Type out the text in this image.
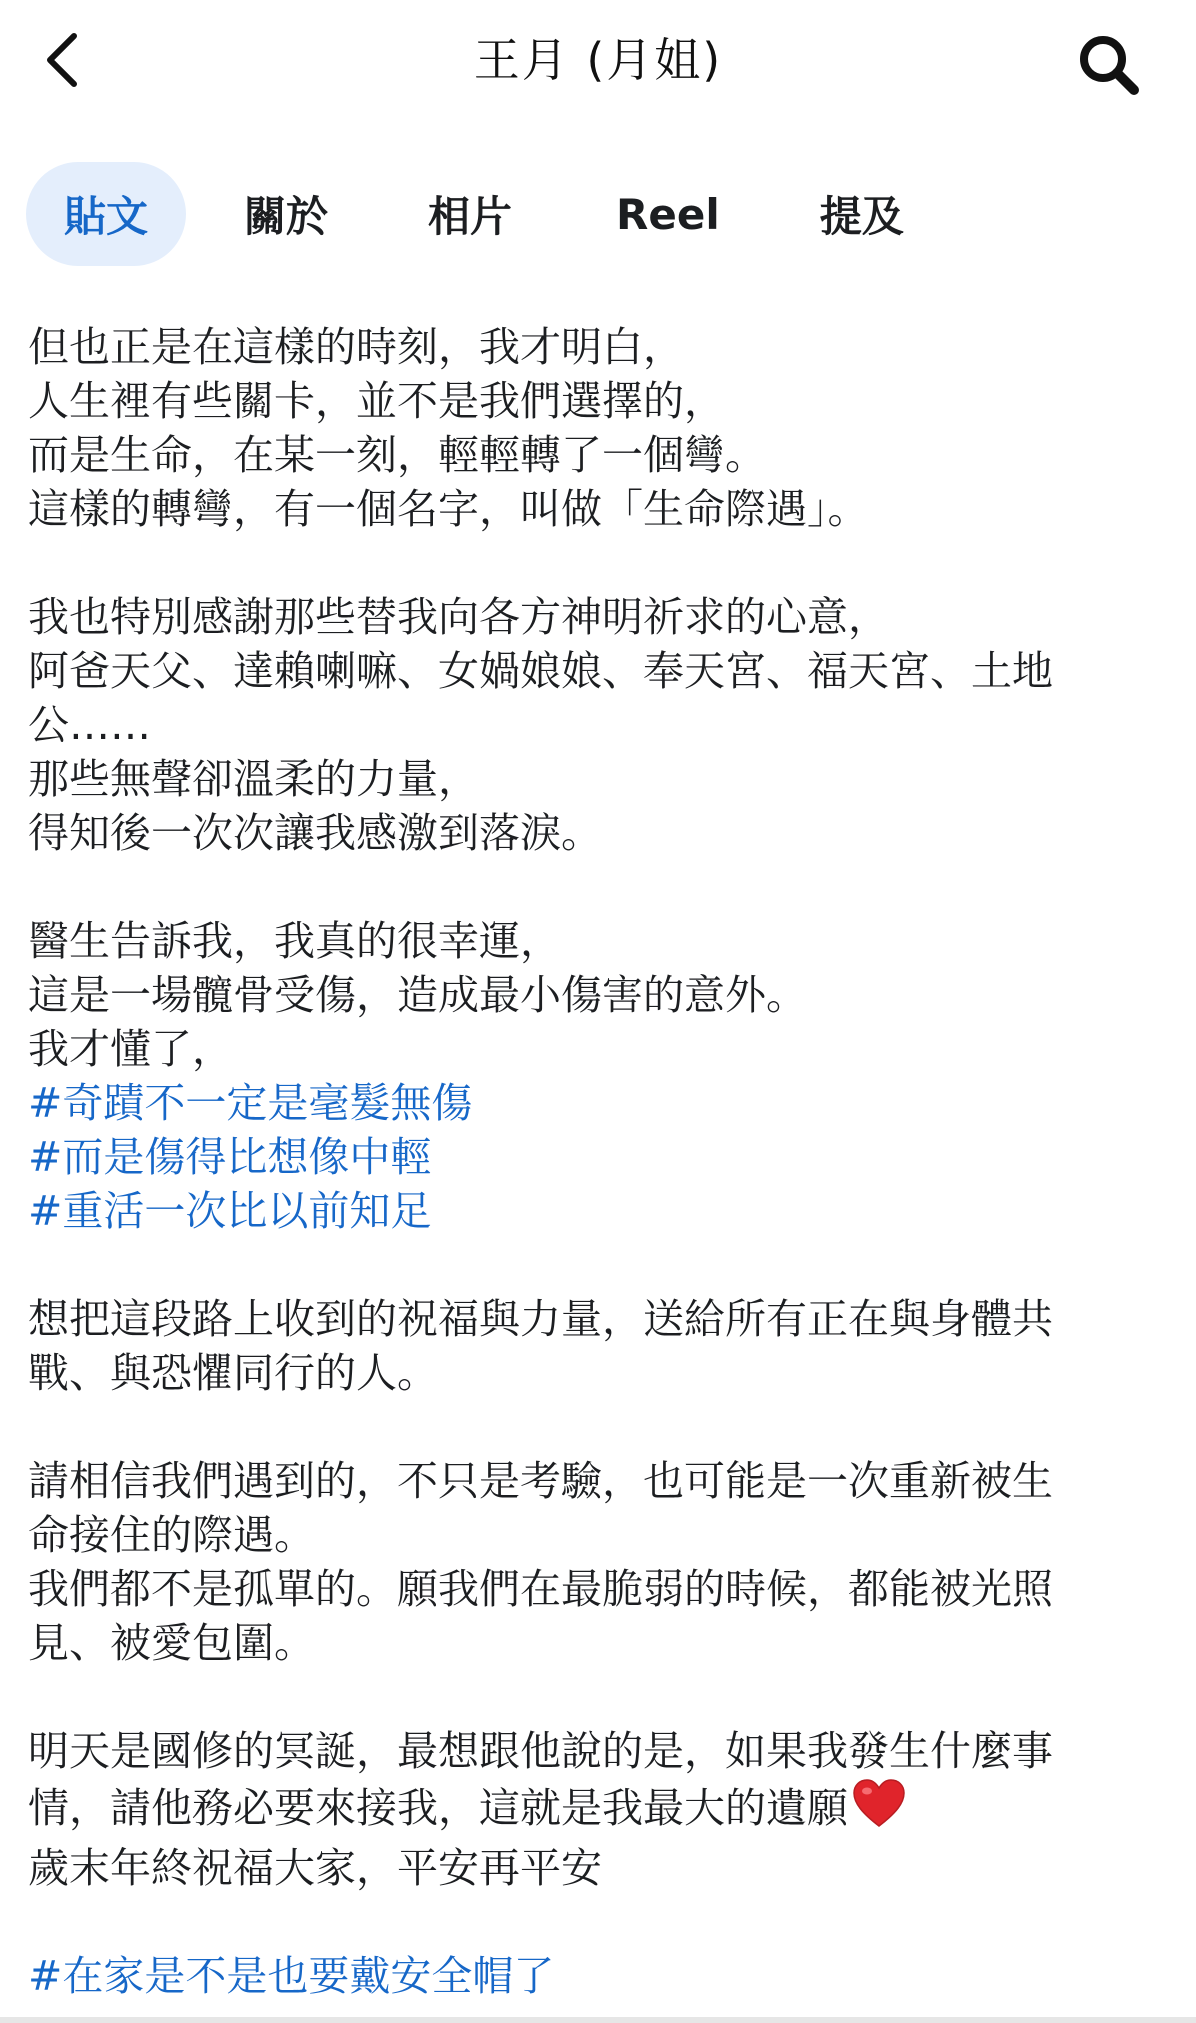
王月 (月姐)
貼文	關於 相片 Reel 提及
但也正是在這樣的時刻，我才明白，
人生裡有些關卡，並不是我們選擇的，
而是生命，在某一刻，輕輕轉了一個彎。
這樣的轉彎，有一個名字，叫做「生命際遇」。
我也特別感謝那些替我向各方神明祈求的心意，
阿爸天父、達賴喇嘛、女媧娘娘、奉天宮、福天宮、土地
公……
那些無聲卻溫柔的力量，
得知後一次次讓我感激到落淚。
醫生告訴我，我真的很幸運，
這是一場髖骨受傷，造成最小傷害的意外。
我才懂了，
#奇蹟不一定是毫髮無傷
#而是傷得比想像中輕
#重活一次比以前知足
想把這段路上收到的祝福與力量，送給所有正在與身體共
戰、與恐懼同行的人。
請相信我們遇到的，不只是考驗，也可能是一次重新被生
命接住的際遇。
我們都不是孤單的。願我們在最脆弱的時候，都能被光照
見、被愛包圍。
明天是國修的冥誕，最想跟他說的是，如果我發生什麼事
情，請他務必要來接我，這就是我最大的遺願
歲末年終祝福大家，平安再平安
#在家是不是也要戴安全帽了
